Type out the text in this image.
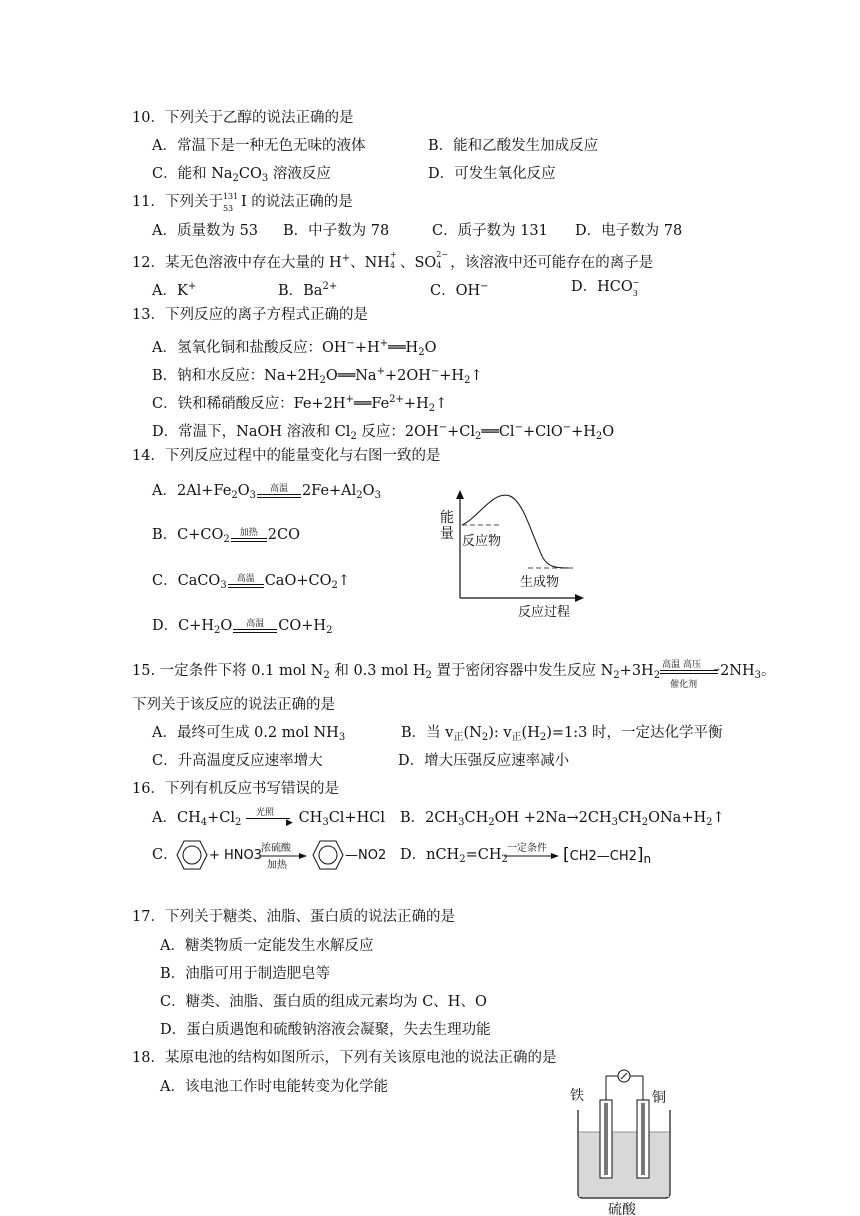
10．下列关于乙醇的说法正确的是
A．常温下是一种无色无味的液体	B．能和乙酸发生加成反应
C．能和 $Na_2CO_3$ 溶液反应	D．可发生氧化反应
11．下列关于 131
53 I 的说法正确的是
A．质量数为 53 B．中子数为 78	C．质子数为 131 D．电子数为 78
12．某无色溶液中存在大量的 H+、NH
+
4 、SO
2−
4 ，该溶液中还可能存在的离子是
A．K+	B．$Ba^{2+}$	C．OH−	D．HCO −
3
13．下列反应的离子方程式正确的是
A．氢氧化铜和盐酸反应：$OH^-+H^+══H_2O$
B．钠和水反应：$Na+2H_2O══Na^++2OH^-+H_2↑$
C．铁和稀硝酸反应：$Fe+2H^+══Fe^{2+}+H_2↑$
D．常温下，NaOH 溶液和 $Cl_2$ 反应：$2OH^-+Cl_2══Cl^-+ClO^-+H_2O$
14．下列反应过程中的能量变化与右图一致的是
A．$2Al+Fe_2O_3$
高温 $2Fe+Al_2O_3$
B．$C+CO_2$
加热 2CO
C．CaCO$_3$
高温 $CaO+CO_2↑$
D．$C+H_2O$	高温 $CO+H_2$
能
量 反应物
生成物
反应过程
15. 一定条件下将 0.1 mol $N_2$ 和 0.3 mol $H_2$ 置于密闭容器中发生反应 $N_2+3H_2$
高温 高压 ⇀
↽
催化剂
$2NH_3$。
下列关于该反应的说法正确的是
A．最终可生成 0.2 mol $NH_3$	B．当 $v_正(N_2)$: $v_正(H_2)=1:3$ 时，一定达化学平衡
C．升高温度反应速率增大	D．增大压强反应速率减小
16．下列有机反应书写错误的是
A．$CH_4+Cl_2$
光照
▶ $CH_3Cl+HCl$ B．$2CH_3CH_2OH$ $+2Na\to 2CH_3CH_2ONa+H_2↑$
C． + HNO3
浓硫酸
加热
—NO2 D．$nCH_2=CH_2$
一定条件 $[CH2—CH2]_n$
17．下列关于糖类、油脂、蛋白质的说法正确的是
A．糖类物质一定能发生水解反应
B．油脂可用于制造肥皂等
C．糖类、油脂、蛋白质的组成元素均为 C、H、O
D．蛋白质遇饱和硫酸钠溶液会凝聚，失去生理功能
18．某原电池的结构如图所示，下列有关该原电池的说法正确的是
A．该电池工作时电能转变为化学能
铁	铜
硫酸
